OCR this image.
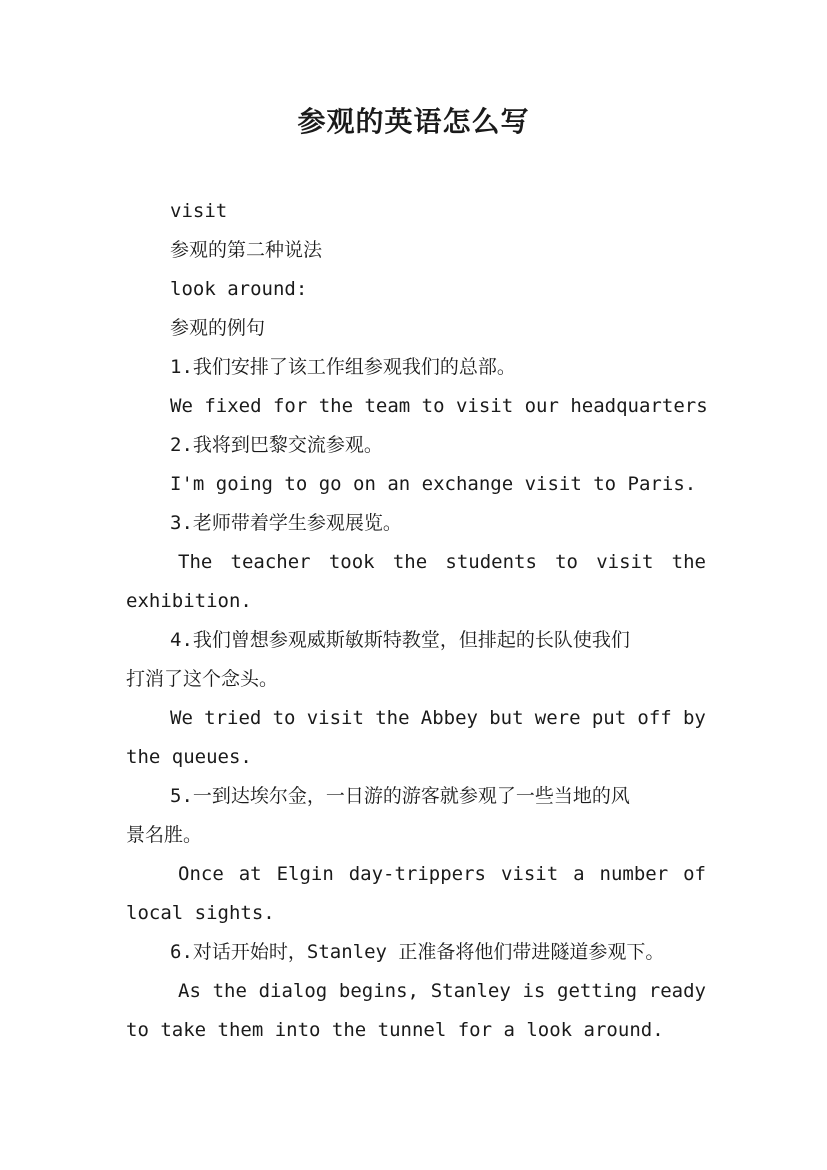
参观的英语怎么写

visit

参观的第二种说法

look around:

参观的例句

1.我们安排了该工作组参观我们的总部。

We fixed for the team to visit our headquarters

2.我将到巴黎交流参观。

I'm going to go on an exchange visit to Paris.

3.老师带着学生参观展览。

The teacher took the students to visit the

exhibition.

4.我们曾想参观威斯敏斯特教堂，但排起的长队使我们

打消了这个念头。

We tried to visit the Abbey but were put off by

the queues.

5.一到达埃尔金，一日游的游客就参观了一些当地的风

景名胜。

Once at Elgin day-trippers visit a number of

local sights.

6.对话开始时，Stanley 正准备将他们带进隧道参观下。

As the dialog begins, Stanley is getting ready

to take them into the tunnel for a look around.
